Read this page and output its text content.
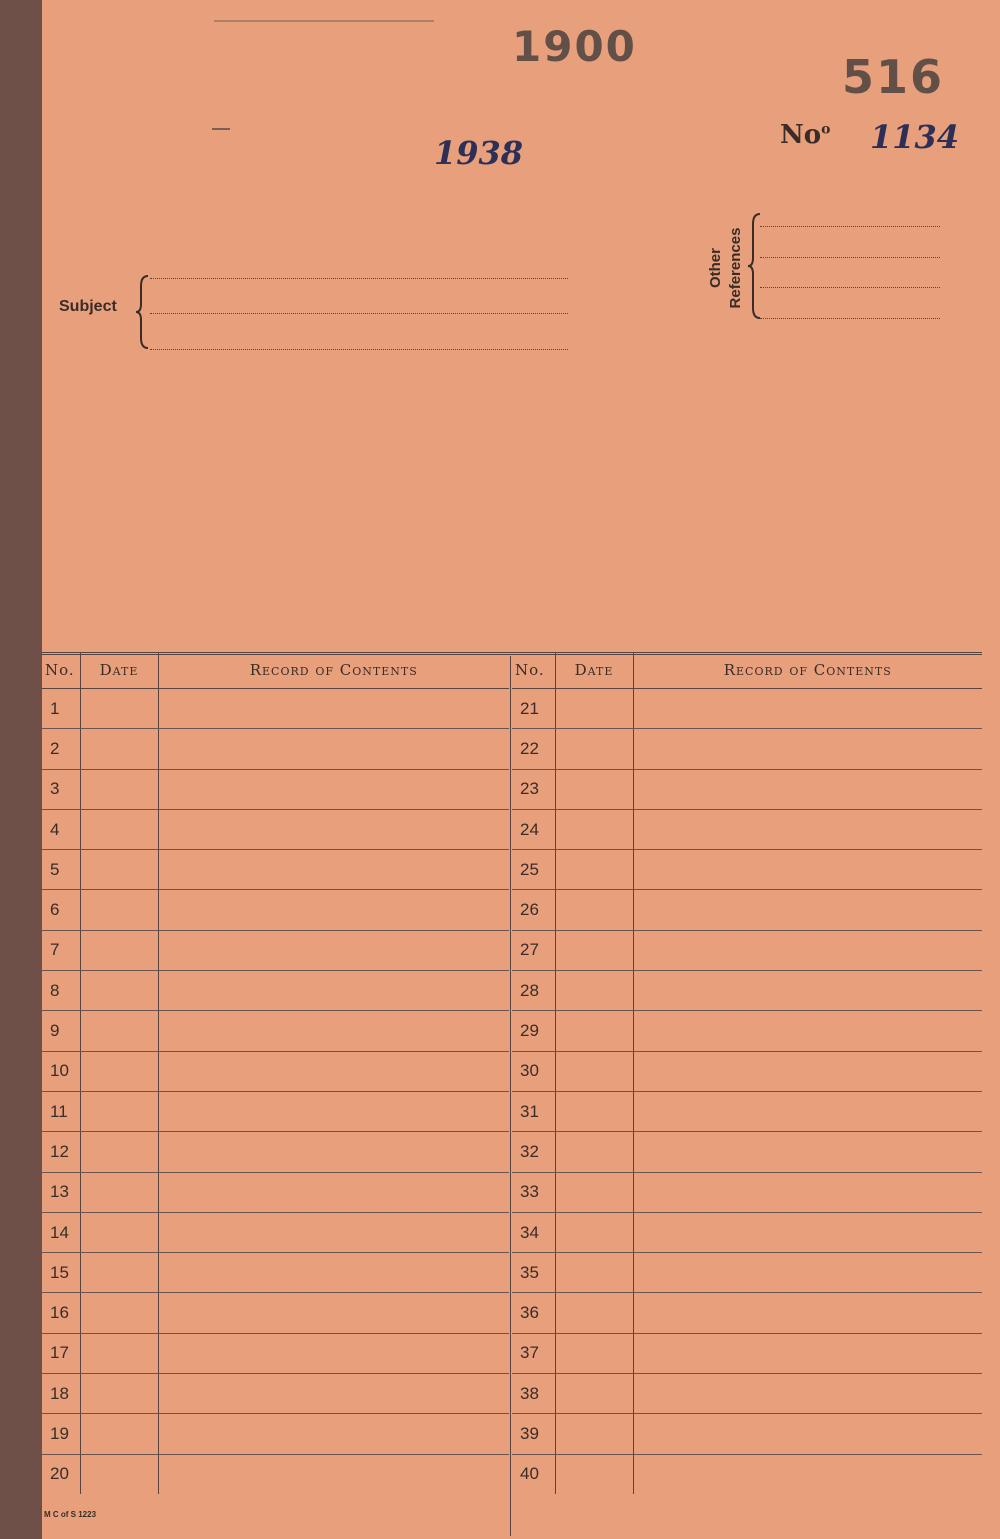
1900
516
1938	No$^o$ 1134
Subject
Other References
No.	Date	Record of Contents
1		
2		
3		
4		
5		
6		
7		
8		
9		
10		
11		
12		
13		
14		
15		
16		
17		
18		
19		
20		
No.	Date	Record of Contents
21		
22		
23		
24		
25		
26		
27		
28		
29		
30		
31		
32		
33		
34		
35		
36		
37		
38		
39		
40		
M C of S 1223
